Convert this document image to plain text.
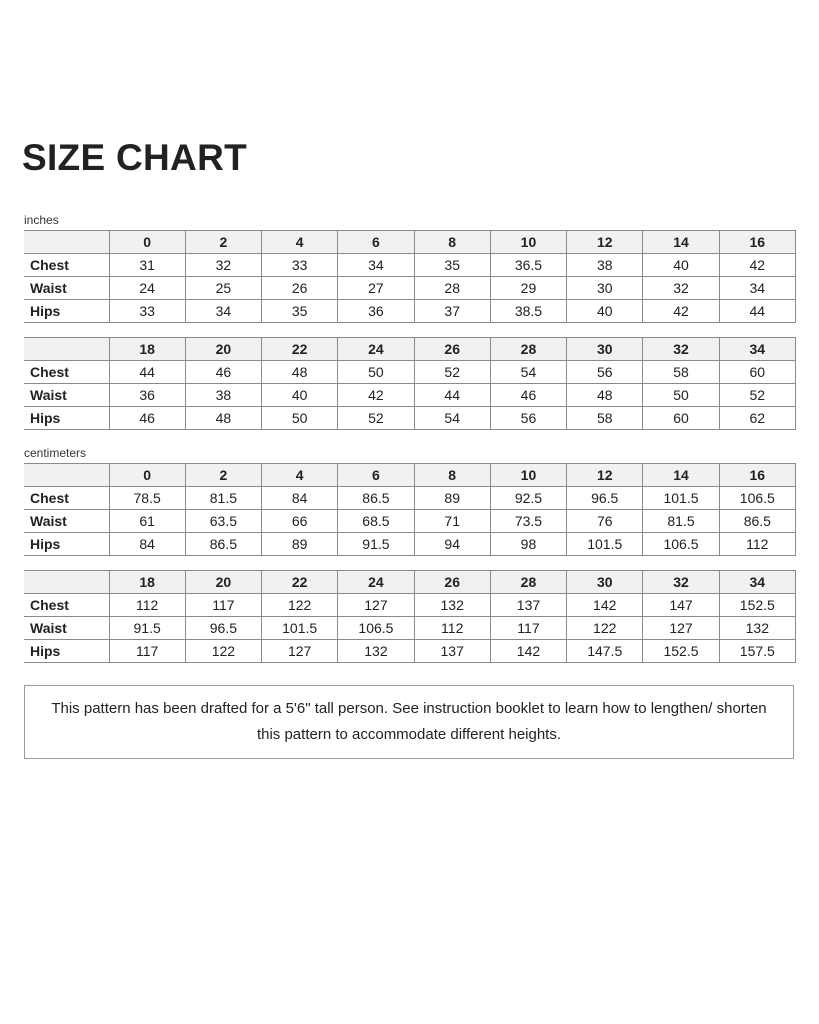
SIZE CHART
inches
	0	2	4	6	8	10	12	14	16
Chest	31	32	33	34	35	36.5	38	40	42
Waist	24	25	26	27	28	29	30	32	34
Hips	33	34	35	36	37	38.5	40	42	44
	18	20	22	24	26	28	30	32	34
Chest	44	46	48	50	52	54	56	58	60
Waist	36	38	40	42	44	46	48	50	52
Hips	46	48	50	52	54	56	58	60	62
centimeters
	0	2	4	6	8	10	12	14	16
Chest	78.5	81.5	84	86.5	89	92.5	96.5	101.5	106.5
Waist	61	63.5	66	68.5	71	73.5	76	81.5	86.5
Hips	84	86.5	89	91.5	94	98	101.5	106.5	112
	18	20	22	24	26	28	30	32	34
Chest	112	117	122	127	132	137	142	147	152.5
Waist	91.5	96.5	101.5	106.5	112	117	122	127	132
Hips	117	122	127	132	137	142	147.5	152.5	157.5

This pattern has been drafted for a 5'6" tall person. See instruction booklet to learn how to lengthen/ shorten this pattern to accommodate different heights.
